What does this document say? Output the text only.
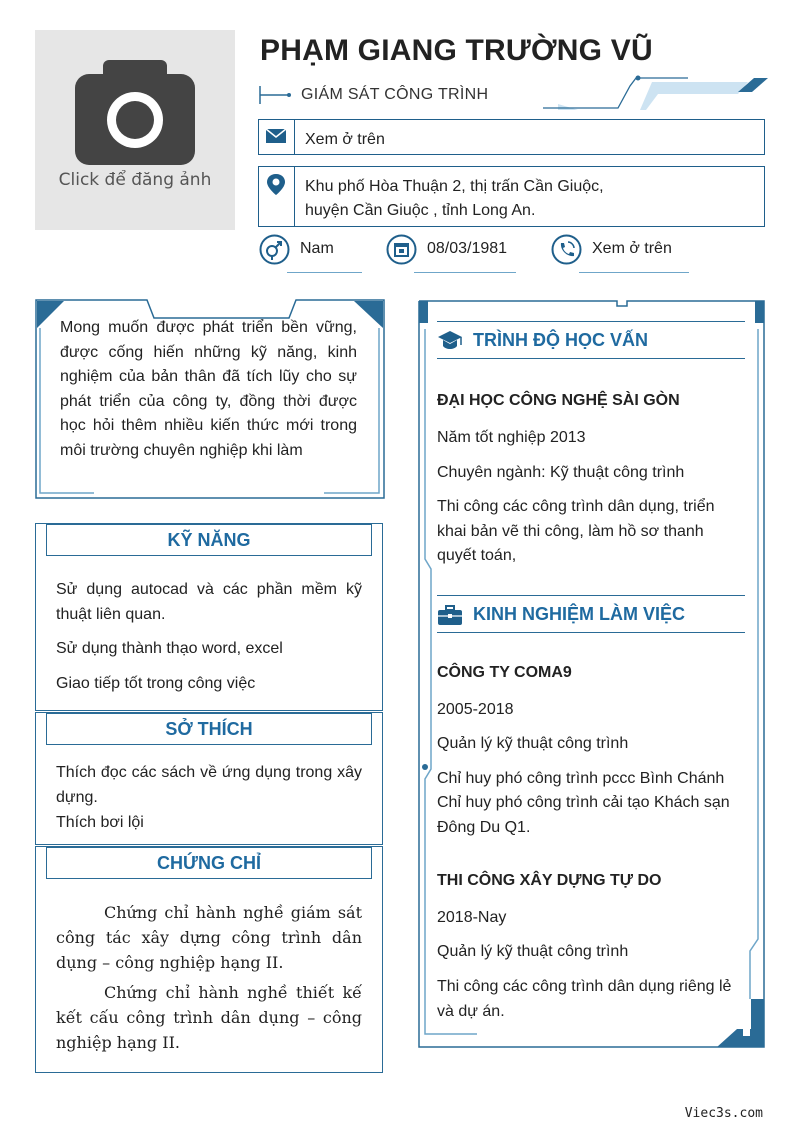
Click để đăng ảnh
PHẠM GIANG TRƯỜNG VŨ
GIÁM SÁT CÔNG TRÌNH
Xem ở trên
Khu phố Hòa Thuận 2, thị trấn Cần Giuộc,
huyện Cần Giuộc , tỉnh Long An.
Nam	08/03/1981	Xem ở trên
Mong muốn được phát triển bền vững, được cống hiến những kỹ năng, kinh nghiệm của bản thân đã tích lũy cho sự phát triển của công ty, đồng thời được học hỏi thêm nhiều kiến thức mới trong môi trường chuyên nghiệp khi làm
KỸ NĂNG
Sử dụng autocad và các phần mềm kỹ thuật liên quan.
Sử dụng thành thạo word, excel
Giao tiếp tốt trong công việc
SỞ THÍCH
Thích đọc các sách về ứng dụng trong xây dựng.
Thích bơi lội
CHỨNG CHỈ
Chứng chỉ hành nghề giám sát công tác xây dựng công trình dân dụng – công nghiệp hạng II.
Chứng chỉ hành nghề thiết kế kết cấu công trình dân dụng – công nghiệp hạng II.
TRÌNH ĐỘ HỌC VẤN
ĐẠI HỌC CÔNG NGHỆ SÀI GÒN
Năm tốt nghiệp 2013
Chuyên ngành: Kỹ thuật công trình
Thi công các công trình dân dụng, triển khai bản vẽ thi công, làm hồ sơ thanh quyết toán,
KINH NGHIỆM LÀM VIỆC
CÔNG TY COMA9
2005-2018
Quản lý kỹ thuật công trình
Chỉ huy phó công trình pccc Bình Chánh
Chỉ huy phó công trình cải tạo Khách sạn Đông Du Q1.
THI CÔNG XÂY DỰNG TỰ DO
2018-Nay
Quản lý kỹ thuật công trình
Thi công các công trình dân dụng riêng lẻ và dự án.
Viec3s.com
